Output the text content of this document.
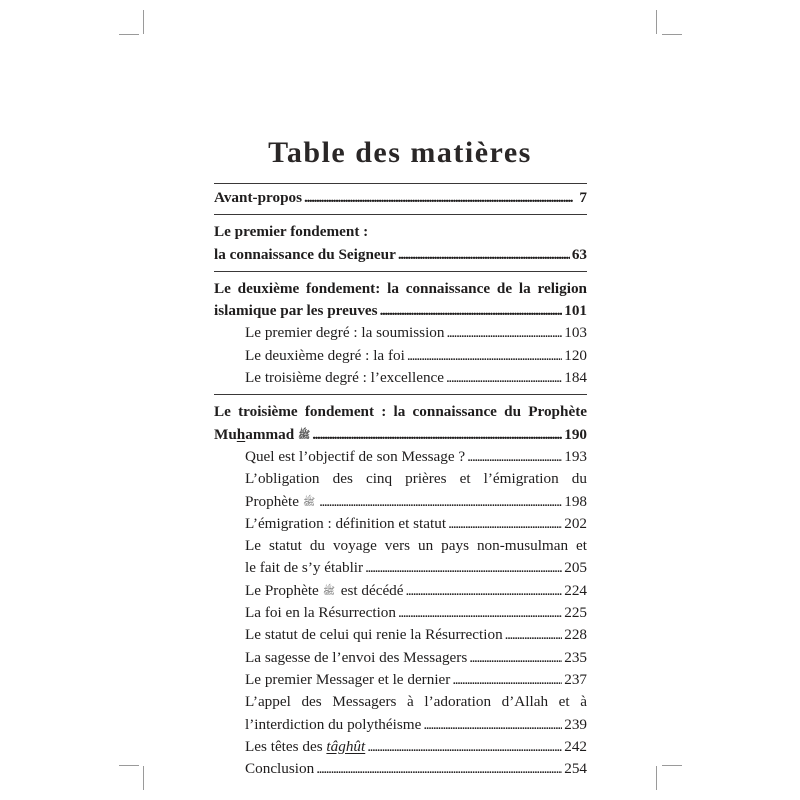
Table des matières
Avant-propos . . .	7
Le premier fondement :
la connaissance du Seigneur . . .	63
Le deuxième fondement: la connaissance de la religion
islamique par les preuves . . .	101
Le premier degré : la soumission . . .	103
Le deuxième degré : la foi . . .	120
Le troisième degré : l’excellence . . .	184
Le troisième fondement : la connaissance du Prophète
Muhammad ﷺ . . .	190
Quel est l’objectif de son Message ? . . .	193
L’obligation des cinq prières et l’émigration du
Prophète ﷺ . . .	198
L’émigration : définition et statut . . .	202
Le statut du voyage vers un pays non-musulman et
le fait de s’y établir . . .	205
Le Prophète ﷺ est décédé . . .	224
La foi en la Résurrection . . .	225
Le statut de celui qui renie la Résurrection . . .	228
La sagesse de l’envoi des Messagers . . .	235
Le premier Messager et le dernier . . .	237
L’appel des Messagers à l’adoration d’Allah et à
l’interdiction du polythéisme . . .	239
Les têtes des tâghût . . .	242
Conclusion . . .	254
